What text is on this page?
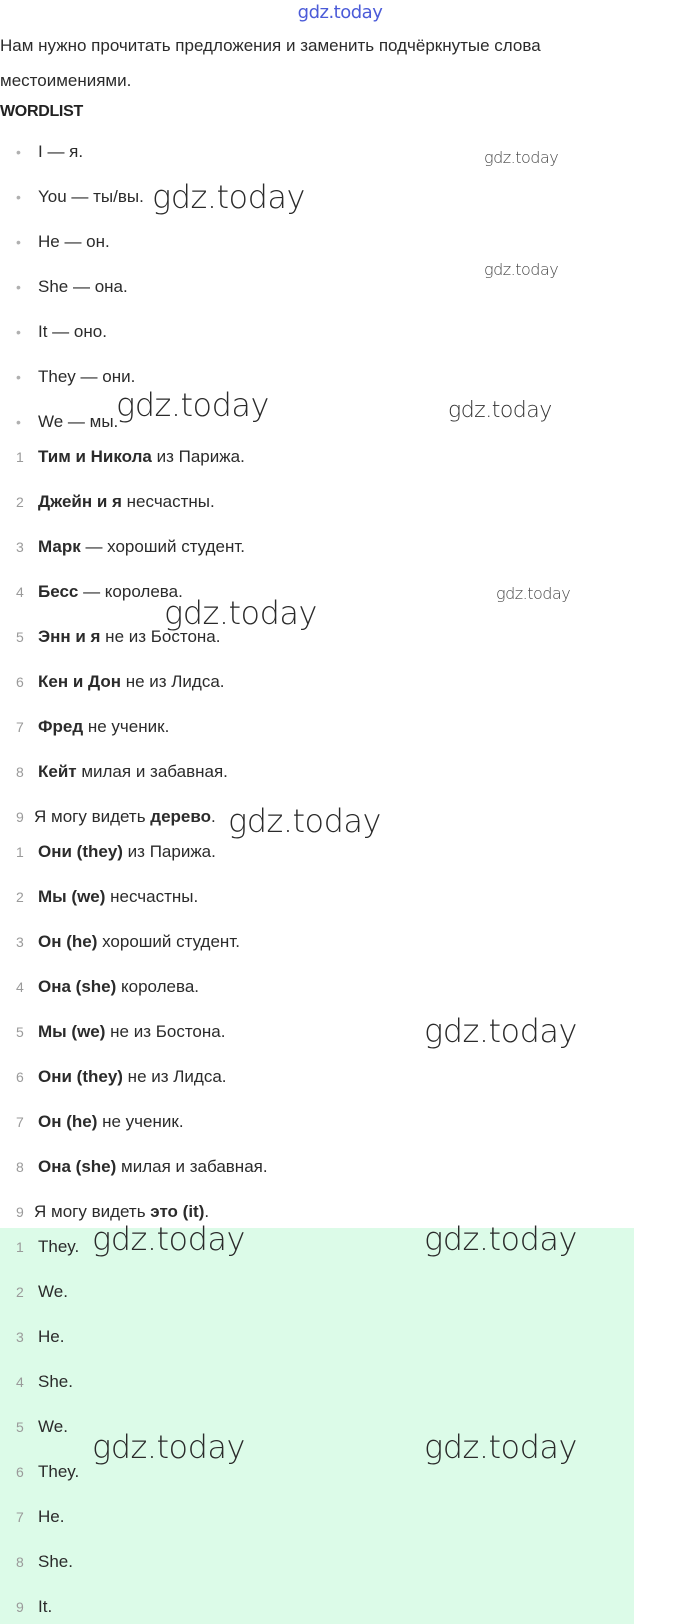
gdz.today
Нам нужно прочитать предложения и заменить подчёркнутые слова местоимениями.
WORDLIST
• I — я.
• You — ты/вы.
• He — он.
• She — она.
• It — оно.
• They — они.
• We — мы.
1 Тим и Никола из Парижа.
2 Джейн и я несчастны.
3 Марк — хороший студент.
4 Бесс — королева.
5 Энн и я не из Бостона.
6 Кен и Дон не из Лидса.
7 Фред не ученик.
8 Кейт милая и забавная.
9 Я могу видеть дерево.
1 Они (they) из Парижа.
2 Мы (we) несчастны.
3 Он (he) хороший студент.
4 Она (she) королева.
5 Мы (we) не из Бостона.
6 Они (they) не из Лидса.
7 Он (he) не ученик.
8 Она (she) милая и забавная.
9 Я могу видеть это (it).
1 They.
2 We.
3 He.
4 She.
5 We.
6 They.
7 He.
8 She.
9 It.
gdz.today
gdz.today
gdz.today
gdz.today	gdz.today
gdz.today
gdz.today
gdz.today
gdz.today
gdz.today	gdz.today
gdz.today	gdz.today
